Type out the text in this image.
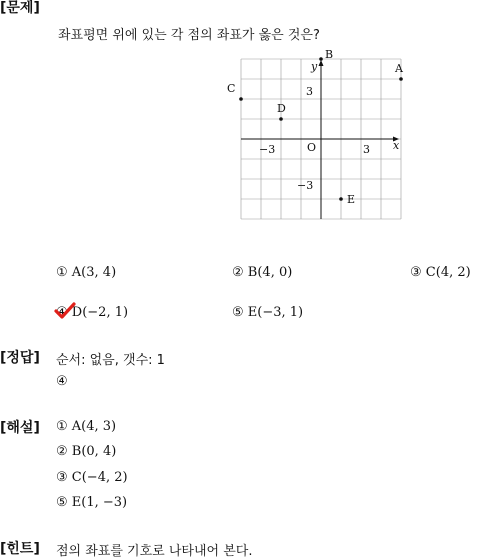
[문제]
좌표평면 위에 있는 각 점의 좌표가 옳은 것은?
x
y
O
−3	3
3
−3
A
B
C
D
E
① A(3, 4)	② B(4, 0)	③ C(4, 2)
④ D(−2, 1)	⑤ E(−3, 1)
[정답] 순서: 없음, 갯수: 1
④
[해설] ① A(4, 3)
② B(0, 4)
③ C(−4, 2)
⑤ E(1, −3)
[힌트] 점의 좌표를 기호로 나타내어 본다.
